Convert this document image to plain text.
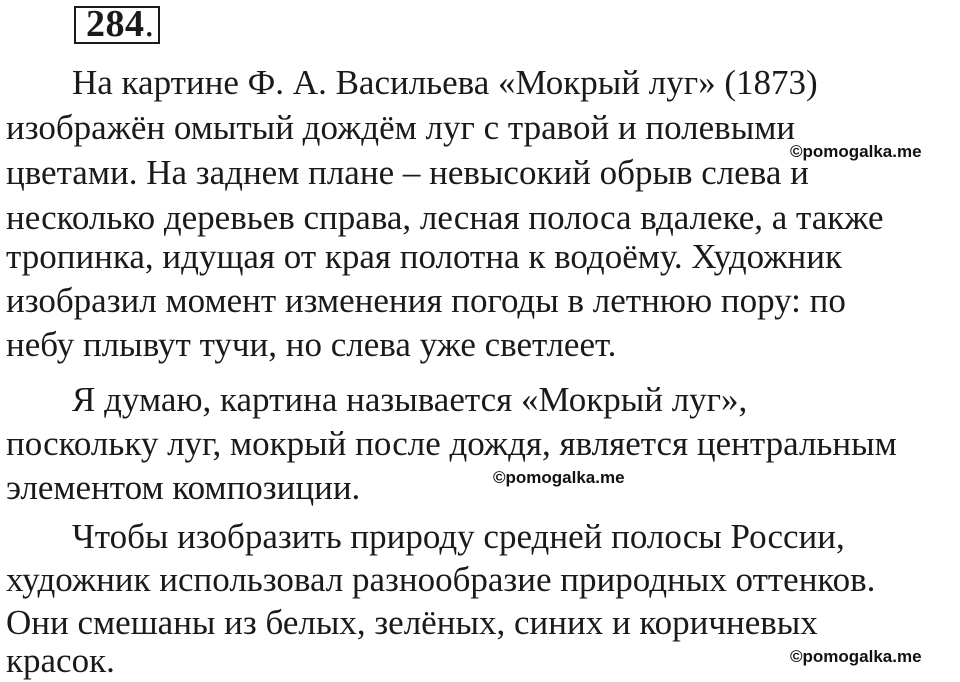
284.
На картине Ф. А. Васильева «Мокрый луг» (1873)
изображён омытый дождём луг с травой и полевыми
цветами. На заднем плане – невысокий обрыв слева и
несколько деревьев справа, лесная полоса вдалеке, а также
тропинка, идущая от края полотна к водоёму. Художник
изобразил момент изменения погоды в летнюю пору: по
небу плывут тучи, но слева уже светлеет.
Я думаю, картина называется «Мокрый луг»,
поскольку луг, мокрый после дождя, является центральным
элементом композиции.
Чтобы изобразить природу средней полосы России,
художник использовал разнообразие природных оттенков.
Они смешаны из белых, зелёных, синих и коричневых
красок.
©pomogalka.me
©pomogalka.me
©pomogalka.me
